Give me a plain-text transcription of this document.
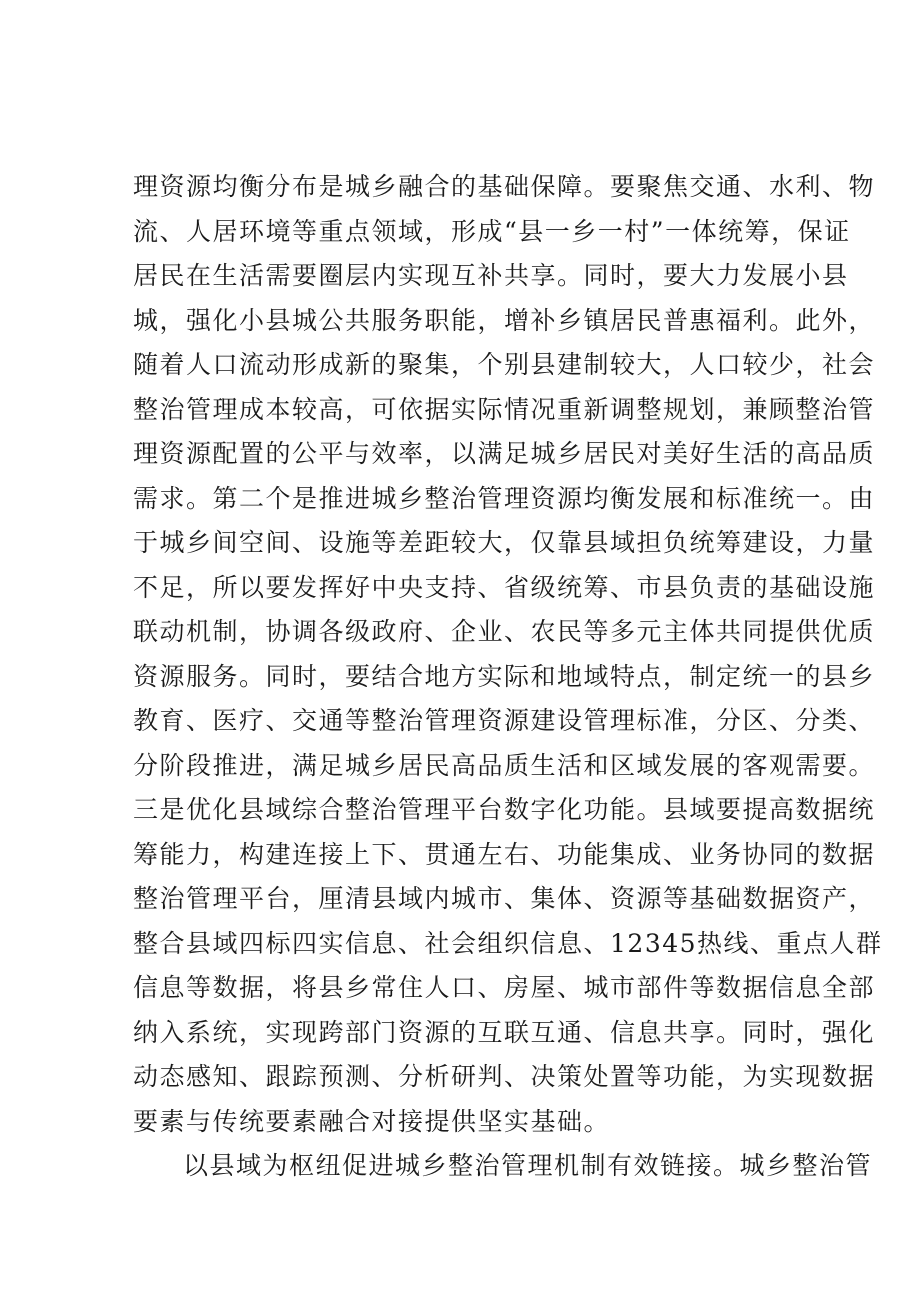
理资源均衡分布是城乡融合的基础保障。要聚焦交通、水利、物
流、人居环境等重点领域，形成“县一乡一村”一体统筹，保证
居民在生活需要圈层内实现互补共享。同时，要大力发展小县
城，强化小县城公共服务职能，增补乡镇居民普惠福利。此外，
随着人口流动形成新的聚集，个别县建制较大，人口较少，社会
整治管理成本较高，可依据实际情况重新调整规划，兼顾整治管
理资源配置的公平与效率，以满足城乡居民对美好生活的高品质
需求。第二个是推进城乡整治管理资源均衡发展和标准统一。由
于城乡间空间、设施等差距较大，仅靠县域担负统筹建设，力量
不足，所以要发挥好中央支持、省级统筹、市县负责的基础设施
联动机制，协调各级政府、企业、农民等多元主体共同提供优质
资源服务。同时，要结合地方实际和地域特点，制定统一的县乡
教育、医疗、交通等整治管理资源建设管理标准，分区、分类、
分阶段推进，满足城乡居民高品质生活和区域发展的客观需要。
三是优化县域综合整治管理平台数字化功能。县域要提高数据统
筹能力，构建连接上下、贯通左右、功能集成、业务协同的数据
整治管理平台，厘清县域内城市、集体、资源等基础数据资产，
整合县域四标四实信息、社会组织信息、12345热线、重点人群
信息等数据，将县乡常住人口、房屋、城市部件等数据信息全部
纳入系统，实现跨部门资源的互联互通、信息共享。同时，强化
动态感知、跟踪预测、分析研判、决策处置等功能，为实现数据
要素与传统要素融合对接提供坚实基础。
以县域为枢纽促进城乡整治管理机制有效链接。城乡整治管
